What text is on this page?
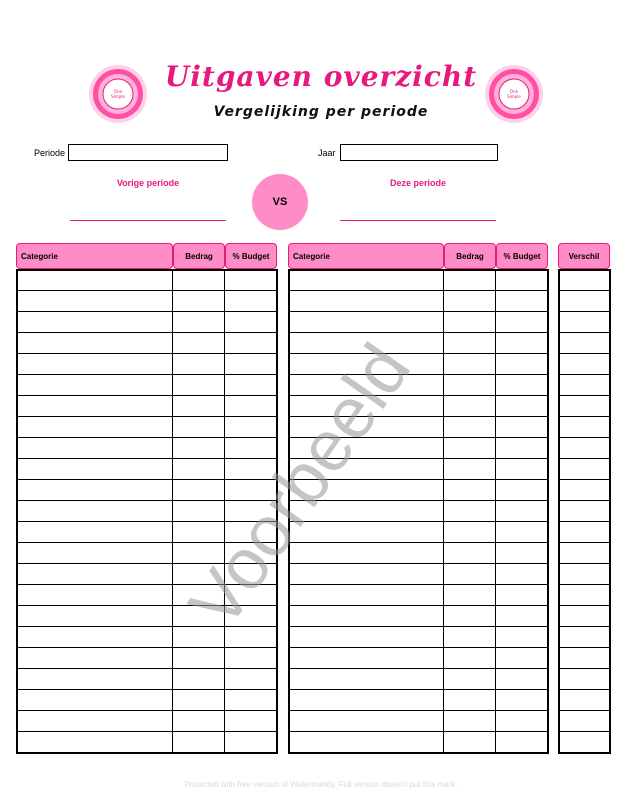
One
Simple
One
Simple
Uitgaven overzicht
Vergelijking per periode
Periode	Jaar
Vorige periode
VS
Deze periode
Categorie	Bedrag	% Budget	Categorie	Bedrag	% Budget	Verschil

Voorbeeld
Protected with free version of Watermarkly. Full version doesn't put this mark.
